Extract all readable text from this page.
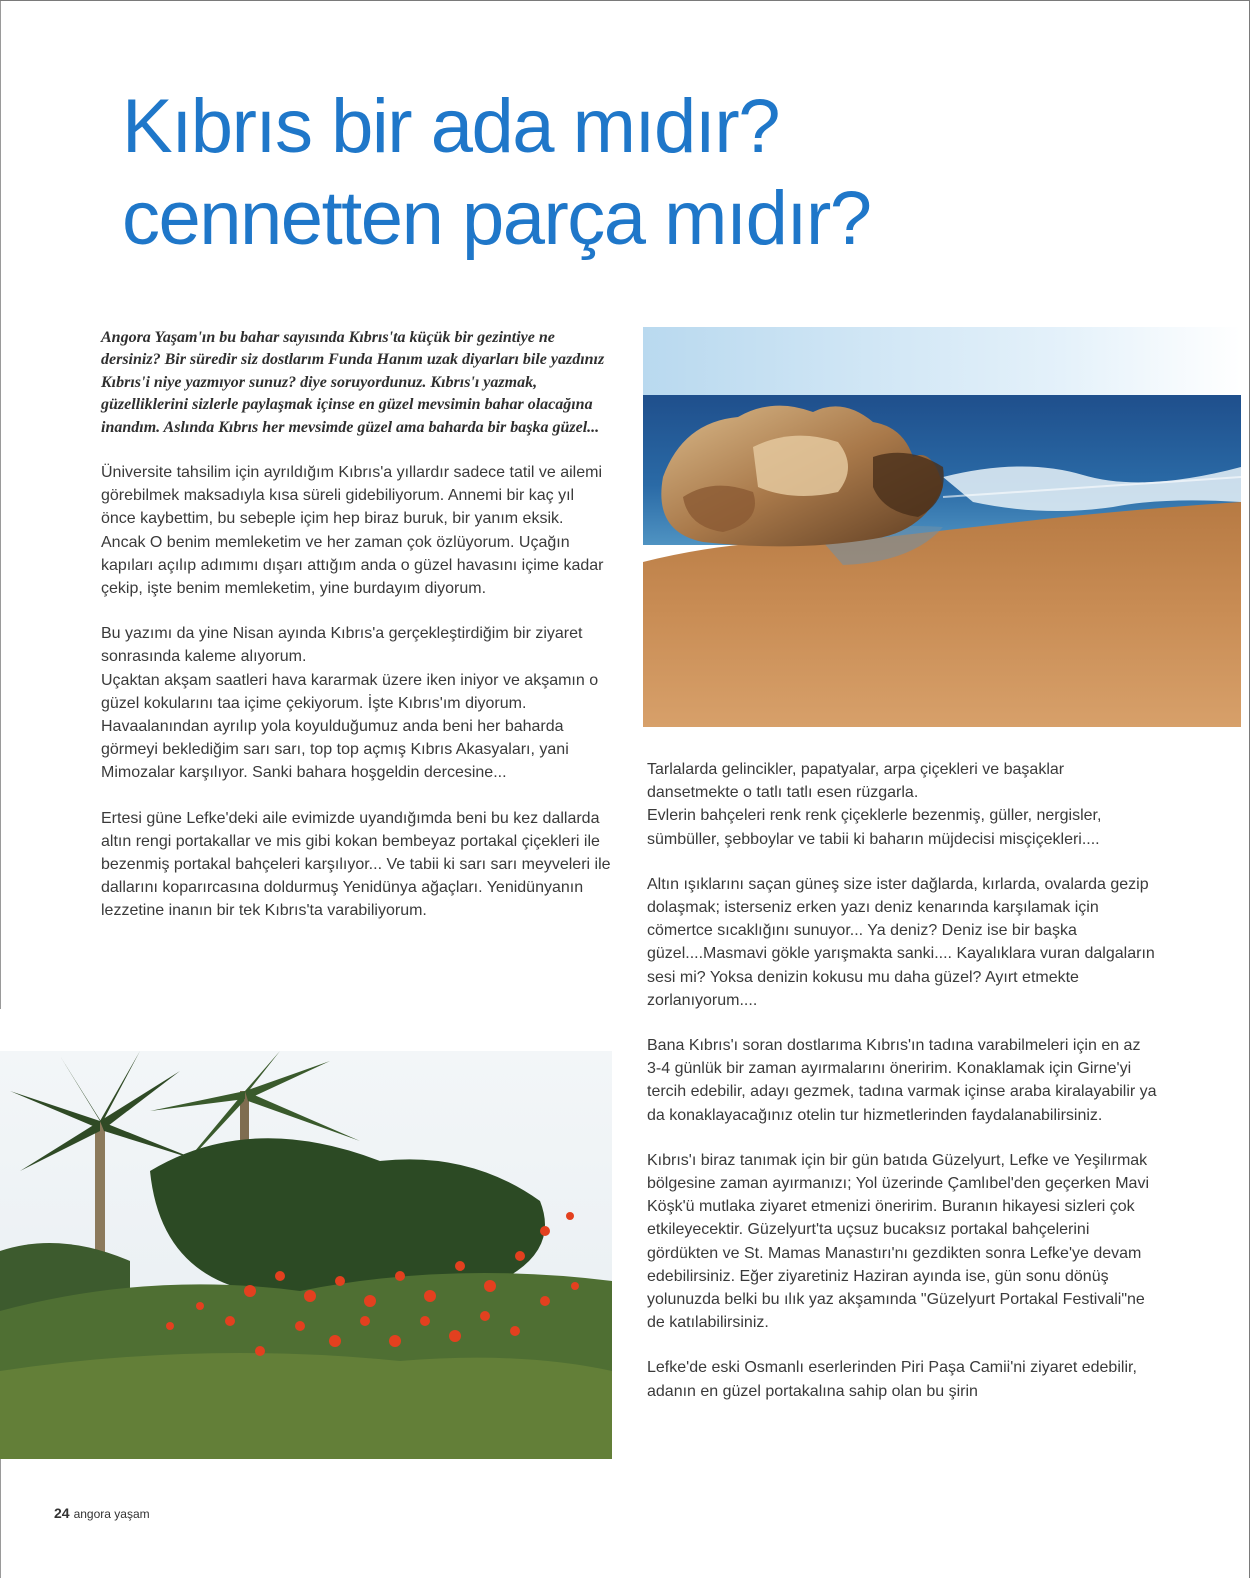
Kıbrıs bir ada mıdır?
cennetten parça mıdır?

Angora Yaşam'ın bu bahar sayısında Kıbrıs'ta küçük bir gezintiye ne dersiniz? Bir süredir siz dostlarım Funda Hanım uzak diyarları bile yazdınız Kıbrıs'i niye yazmıyor sunuz? diye soruyordunuz. Kıbrıs'ı yazmak, güzelliklerini sizlerle paylaşmak içinse en güzel mevsimin bahar olacağına inandım. Aslında Kıbrıs her mevsimde güzel ama baharda bir başka güzel...

Üniversite tahsilim için ayrıldığım Kıbrıs'a yıllardır sadece tatil ve ailemi görebilmek maksadıyla kısa süreli gidebiliyorum. Annemi bir kaç yıl önce kaybettim, bu sebeple içim hep biraz buruk, bir yanım eksik. Ancak O benim memleketim ve her zaman çok özlüyorum. Uçağın kapıları açılıp adımımı dışarı attığım anda o güzel havasını içime kadar çekip, işte benim memleketim, yine burdayım diyorum.

Bu yazımı da yine Nisan ayında Kıbrıs'a gerçekleştirdiğim bir ziyaret sonrasında kaleme alıyorum.
Uçaktan akşam saatleri hava kararmak üzere iken iniyor ve akşamın o güzel kokularını taa içime çekiyorum. İşte Kıbrıs'ım diyorum. Havaalanından ayrılıp yola koyulduğumuz anda beni her baharda görmeyi beklediğim sarı sarı, top top açmış Kıbrıs Akasyaları, yani Mimozalar karşılıyor. Sanki bahara hoşgeldin dercesine...

Ertesi güne Lefke'deki aile evimizde uyandığımda beni bu kez dallarda altın rengi portakallar ve mis gibi kokan bembeyaz portakal çiçekleri ile bezenmiş portakal bahçeleri karşılıyor... Ve tabii ki sarı sarı meyveleri ile dallarını koparırcasına doldurmuş Yenidünya ağaçları. Yenidünyanın lezzetine inanın bir tek Kıbrıs'ta varabiliyorum.

Tarlalarda gelincikler, papatyalar, arpa çiçekleri ve başaklar dansetmekte o tatlı tatlı esen rüzgarla.
Evlerin bahçeleri renk renk çiçeklerle bezenmiş, güller, nergisler, sümbüller, şebboylar ve tabii ki baharın müjdecisi misçiçekleri....

Altın ışıklarını saçan güneş size ister dağlarda, kırlarda, ovalarda gezip dolaşmak; isterseniz erken yazı deniz kenarında karşılamak için cömertce sıcaklığını sunuyor... Ya deniz? Deniz ise bir başka güzel....Masmavi gökle yarışmakta sanki.... Kayalıklara vuran dalgaların sesi mi? Yoksa denizin kokusu mu daha güzel? Ayırt etmekte zorlanıyorum....

Bana Kıbrıs'ı soran dostlarıma Kıbrıs'ın tadına varabilmeleri için en az 3-4 günlük bir zaman ayırmalarını öneririm. Konaklamak için Girne'yi tercih edebilir, adayı gezmek, tadına varmak içinse araba kiralayabilir ya da konaklayacağınız otelin tur hizmetlerinden faydalanabilirsiniz.

Kıbrıs'ı biraz tanımak için bir gün batıda Güzelyurt, Lefke ve Yeşilırmak bölgesine zaman ayırmanızı; Yol üzerinde Çamlıbel'den geçerken Mavi Köşk'ü mutlaka ziyaret etmenizi öneririm. Buranın hikayesi sizleri çok etkileyecektir. Güzelyurt'ta uçsuz bucaksız portakal bahçelerini gördükten ve St. Mamas Manastırı'nı gezdikten sonra Lefke'ye devam edebilirsiniz. Eğer ziyaretiniz Haziran ayında ise, gün sonu dönüş yolunuzda belki bu ılık yaz akşamında "Güzelyurt Portakal Festivali"ne de katılabilirsiniz.

Lefke'de eski Osmanlı eserlerinden Piri Paşa Camii'ni ziyaret edebilir, adanın en güzel portakalına sahip olan bu şirin

24 angora yaşam
